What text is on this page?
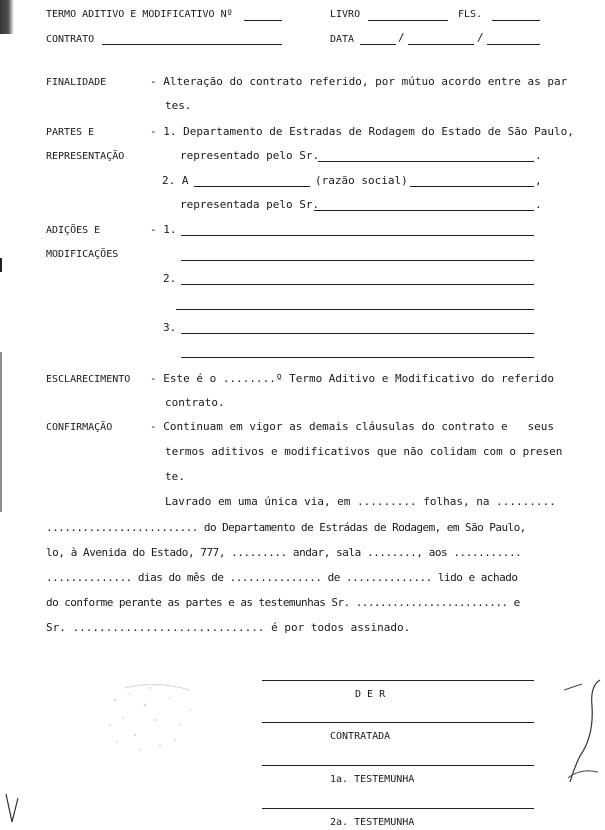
TERMO ADITIVO E MODIFICATIVO Nº	LIVRO	FLS.
CONTRATO	DATA	/	/
FINALIDADE	- Alteração do contrato referido, por mútuo acordo entre as par
tes.
PARTES E
REPRESENTAÇÃO
- 1. Departamento de Estradas de Rodagem do Estado de São Paulo,
representado pelo Sr.	.
2. A	(razão social)	,
representada pelo Sr.	.
ADIÇÕES E
MODIFICAÇÕES
- 1.
2.
3.
ESCLARECIMENTO - Este é o ........º Termo Aditivo e Modificativo do referido
contrato.
CONFIRMAÇÃO	- Continuam em vigor as demais cláusulas do contrato e   seus
termos aditivos e modificativos que não colidam com o presen
te.
Lavrado em uma única via, em ......... folhas, na .........
......................... do Departamento de Estrádas de Rodagem, em São Paulo,
lo, à Avenida do Estado, 777, ......... andar, sala ........, aos ...........
.............. dias do mês de ............... de .............. lido e achado
do conforme perante as partes e as testemunhas Sr. ......................... e
Sr. ............................. é por todos assinado.
D E R
CONTRATADA
1a. TESTEMUNHA
2a. TESTEMUNHA
